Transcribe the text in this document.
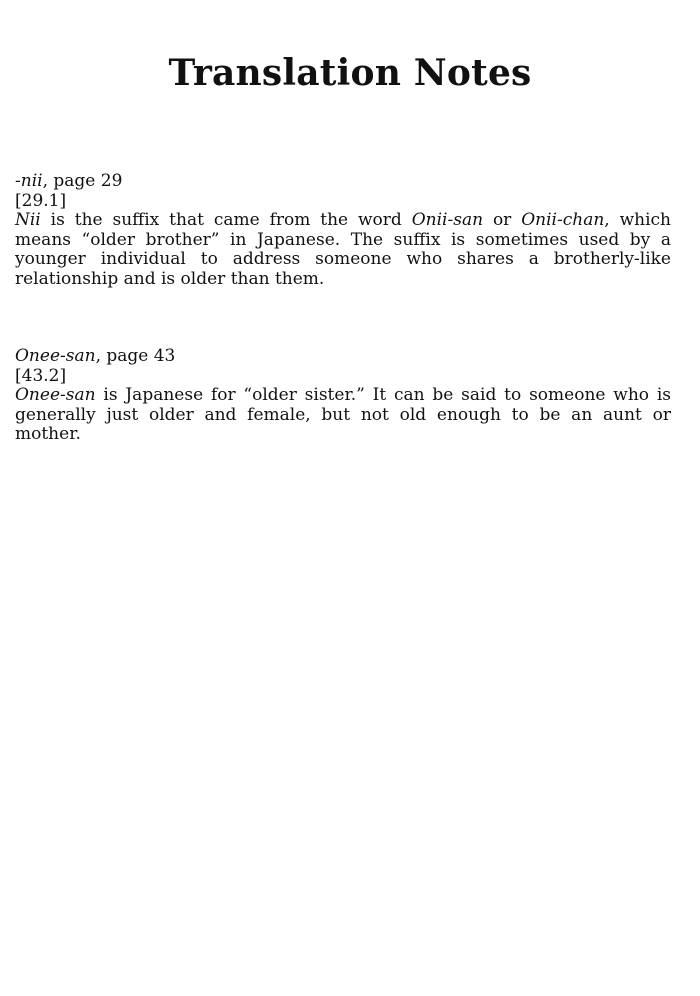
Translation Notes
-nii, page 29
[29.1]

Nii is the suffix that came from the word Onii-san or Onii-chan, which means “older brother” in Japanese. The suffix is sometimes used by a younger individual to address someone who shares a brotherly-like relationship and is older than them.

Onee-san, page 43
[43.2]

Onee-san is Japanese for “older sister.” It can be said to someone who is generally just older and female, but not old enough to be an aunt or mother.
